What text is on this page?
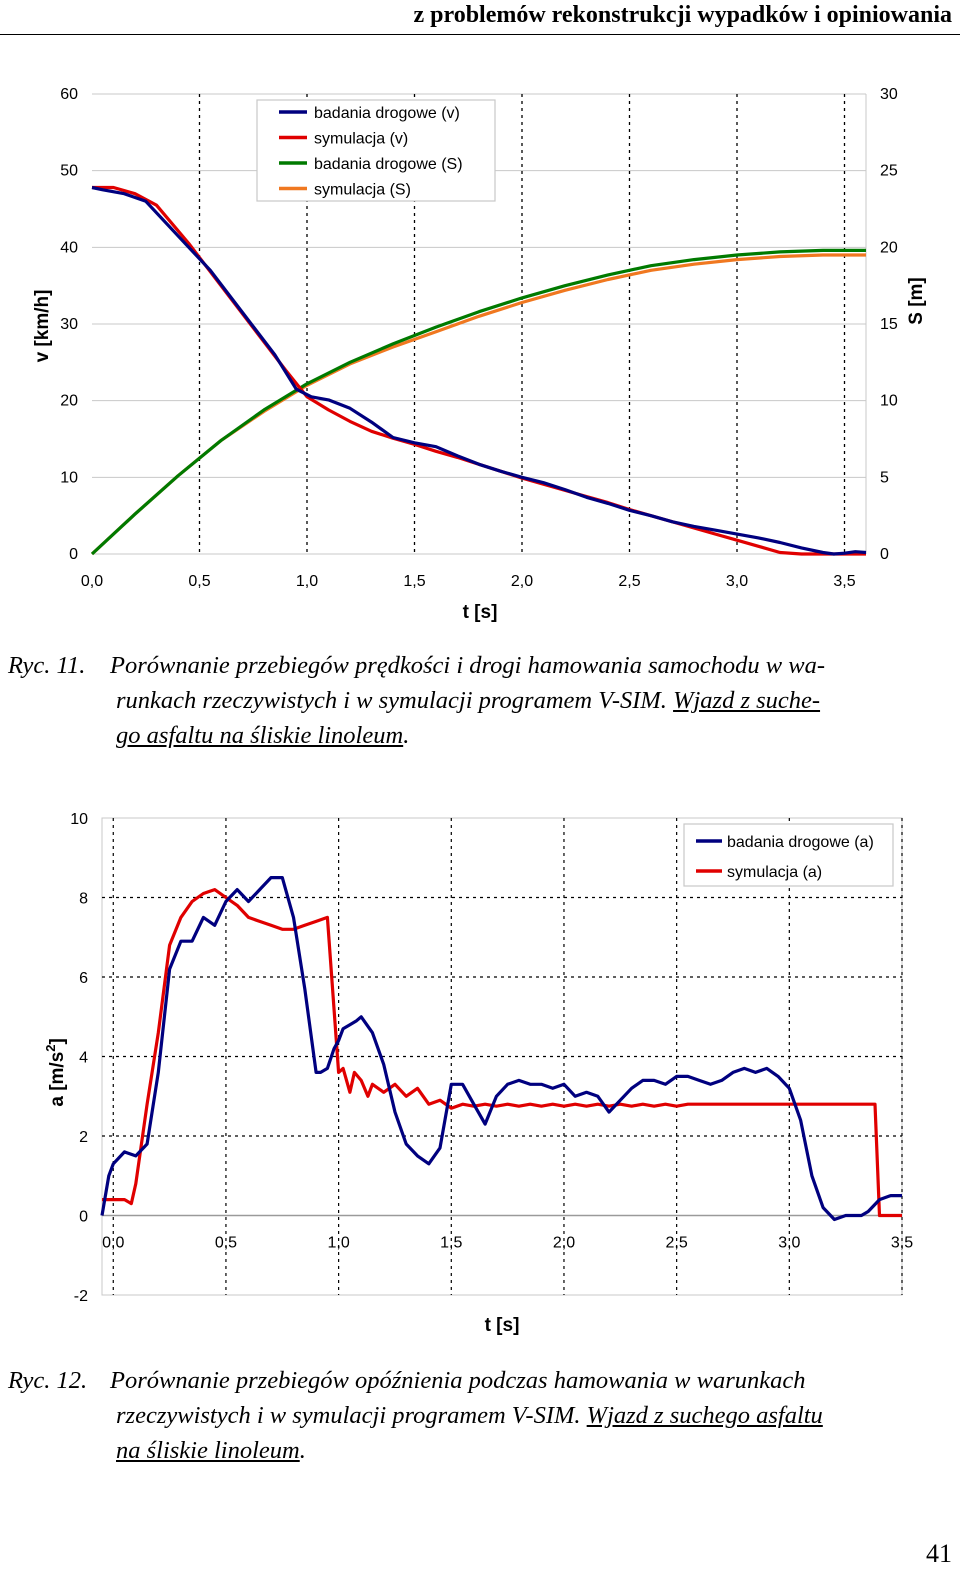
z problemów rekonstrukcji wypadków i opiniowania
0
10
20
30
40
50
60
0
5
10
15
20
25
30
0,0	0,5	1,0	1,5	2,0	2,5	3,0	3,5
t [s]
v [km/h]	S [m]
badania drogowe (v)
symulacja (v)
badania drogowe (S)
symulacja (S)
Ryc. 11. Porównanie przebiegów prędkości i drogi hamowania samochodu w wa-
runkach rzeczywistych i w symulacji programem V-SIM. Wjazd z suche-
go asfaltu na śliskie linoleum.
-2
0
2
4
6
8
10
0,0	0,5	1,0	1,5	2,0	2,5	3,0	3,5
t [s]
a $[m/s^2]$
badania drogowe (a)
symulacja (a)
Ryc. 12. Porównanie przebiegów opóźnienia podczas hamowania w warunkach
rzeczywistych i w symulacji programem V-SIM. Wjazd z suchego asfaltu
na śliskie linoleum.
41
